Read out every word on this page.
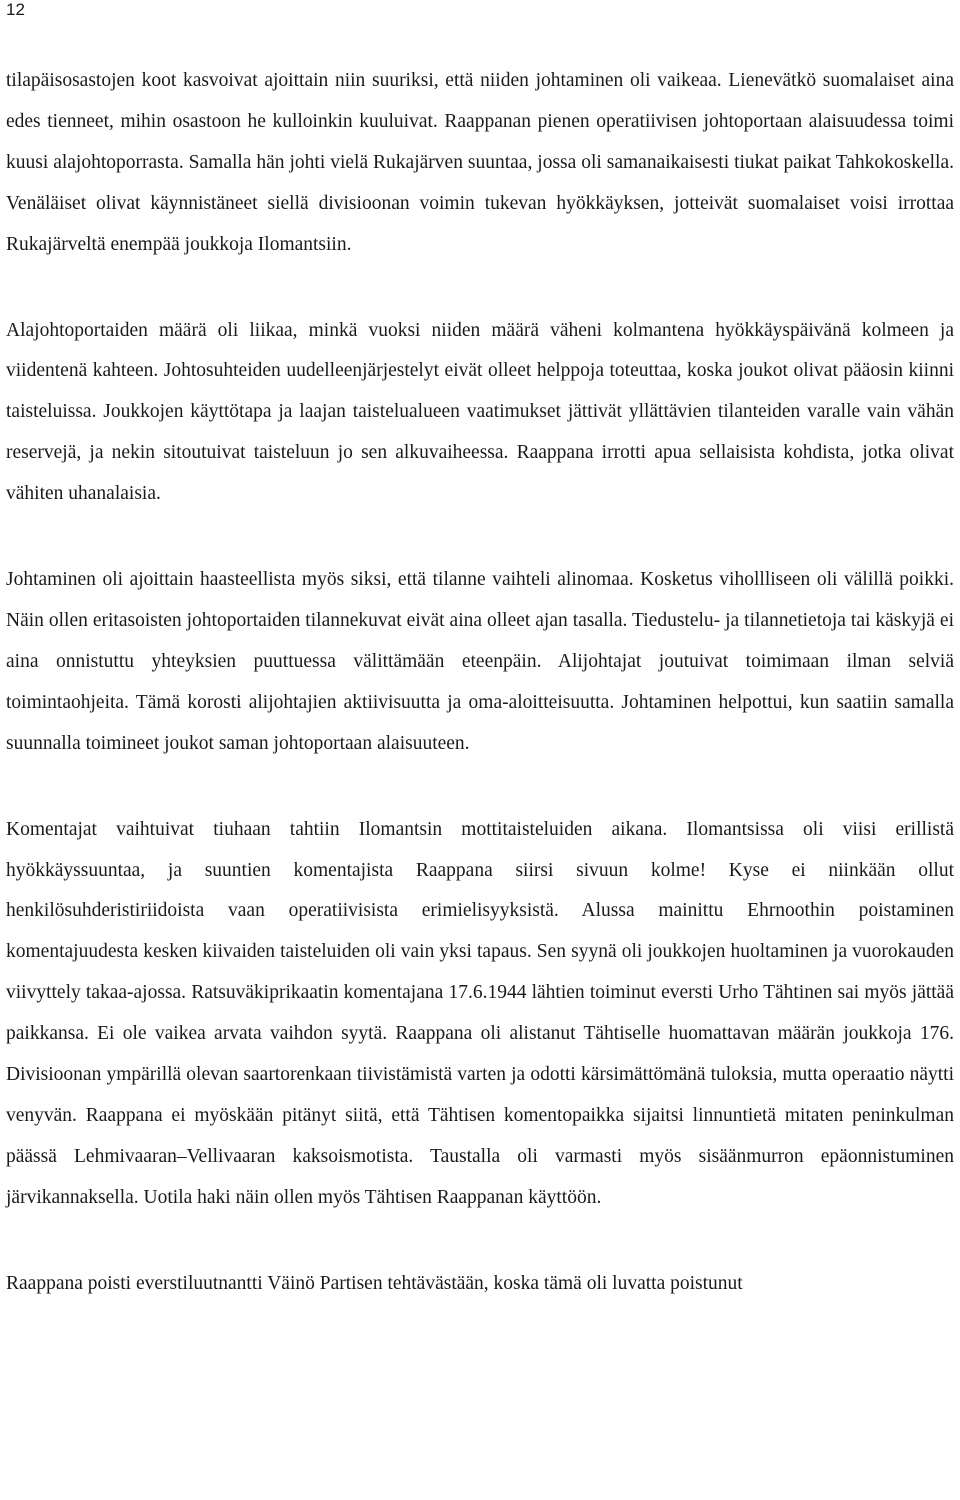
12

tilapäisosastojen koot kasvoivat ajoittain niin suuriksi, että niiden johtaminen oli vaikeaa. Lienevätkö suomalaiset aina edes tienneet, mihin osastoon he kulloinkin kuuluivat. Raappanan pienen operatiivisen johtoportaan alaisuudessa toimi kuusi alajohtoporrasta. Samalla hän johti vielä Rukajärven suuntaa, jossa oli samanaikaisesti tiukat paikat Tahkokoskella. Venäläiset olivat käynnistäneet siellä divisioonan voimin tukevan hyökkäyksen, jotteivät suomalaiset voisi irrottaa Rukajärveltä enempää joukkoja Ilomantsiin.

Alajohtoportaiden määrä oli liikaa, minkä vuoksi niiden määrä väheni kolmantena hyökkäyspäivänä kolmeen ja viidentenä kahteen. Johtosuhteiden uudelleenjärjestelyt eivät olleet helppoja toteuttaa, koska joukot olivat pääosin kiinni taisteluissa. Joukkojen käyttötapa ja laajan taistelualueen vaatimukset jättivät yllättävien tilanteiden varalle vain vähän reservejä, ja nekin sitoutuivat taisteluun jo sen alkuvaiheessa. Raappana irrotti apua sellaisista kohdista, jotka olivat vähiten uhanalaisia.

Johtaminen oli ajoittain haasteellista myös siksi, että tilanne vaihteli alinomaa. Kosketus vihollliseen oli välillä poikki. Näin ollen eritasoisten johtoportaiden tilannekuvat eivät aina olleet ajan tasalla. Tiedustelu- ja tilannetietoja tai käskyjä ei aina onnistuttu yhteyksien puuttuessa välittämään eteenpäin. Alijohtajat joutuivat toimimaan ilman selviä toimintaohjeita. Tämä korosti alijohtajien aktiivisuutta ja oma-aloitteisuutta. Johtaminen helpottui, kun saatiin samalla suunnalla toimineet joukot saman johtoportaan alaisuuteen.

Komentajat vaihtuivat tiuhaan tahtiin Ilomantsin mottitaisteluiden aikana. Ilomantsissa oli viisi erillistä hyökkäyssuuntaa, ja suuntien komentajista Raappana siirsi sivuun kolme! Kyse ei niinkään ollut henkilösuhderistiriidoista vaan operatiivisista erimielisyyksistä. Alussa mainittu Ehrnoothin poistaminen komentajuudesta kesken kiivaiden taisteluiden oli vain yksi tapaus. Sen syynä oli joukkojen huoltaminen ja vuorokauden viivyttely takaa-ajossa. Ratsuväkiprikaatin komentajana 17.6.1944 lähtien toiminut eversti Urho Tähtinen sai myös jättää paikkansa. Ei ole vaikea arvata vaihdon syytä. Raappana oli alistanut Tähtiselle huomattavan määrän joukkoja 176. Divisioonan ympärillä olevan saartorenkaan tiivistämistä varten ja odotti kärsimättömänä tuloksia, mutta operaatio näytti venyvän. Raappana ei myöskään pitänyt siitä, että Tähtisen komentopaikka sijaitsi linnuntietä mitaten peninkulman päässä Lehmivaaran–Vellivaaran kaksoismotista. Taustalla oli varmasti myös sisäänmurron epäonnistuminen järvikannaksella. Uotila haki näin ollen myös Tähtisen Raappanan käyttöön.

Raappana poisti everstiluutnantti Väinö Partisen tehtävästään, koska tämä oli luvatta poistunut
